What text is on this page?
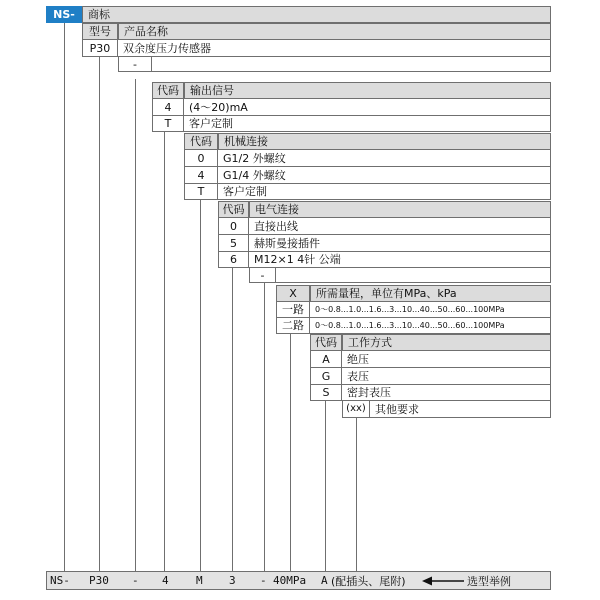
NS-	商标
型号	产品名称
P30	双余度压力传感器
-
代码	输出信号
4	(4～20)mA
T	客户定制
代码	机械连接
0	G1/2 外螺纹
4	G1/4 外螺纹
T	客户定制
代码 电气连接
0	直接出线
5	赫斯曼接插件
6	M12×1 4针 公端
-
X	所需量程，单位有MPa、kPa
一路	0～0.8...1.0...1.6...3...10...40...50...60...100MPa
二路	0～0.8...1.0...1.6...3...10...40...50...60...100MPa
代码	工作方式
A	绝压
G	表压
S	密封表压
(xx) 其他要求
NS- P30 - 4 M 3 - 40MPa A (配插头、尾附)	选型举例
